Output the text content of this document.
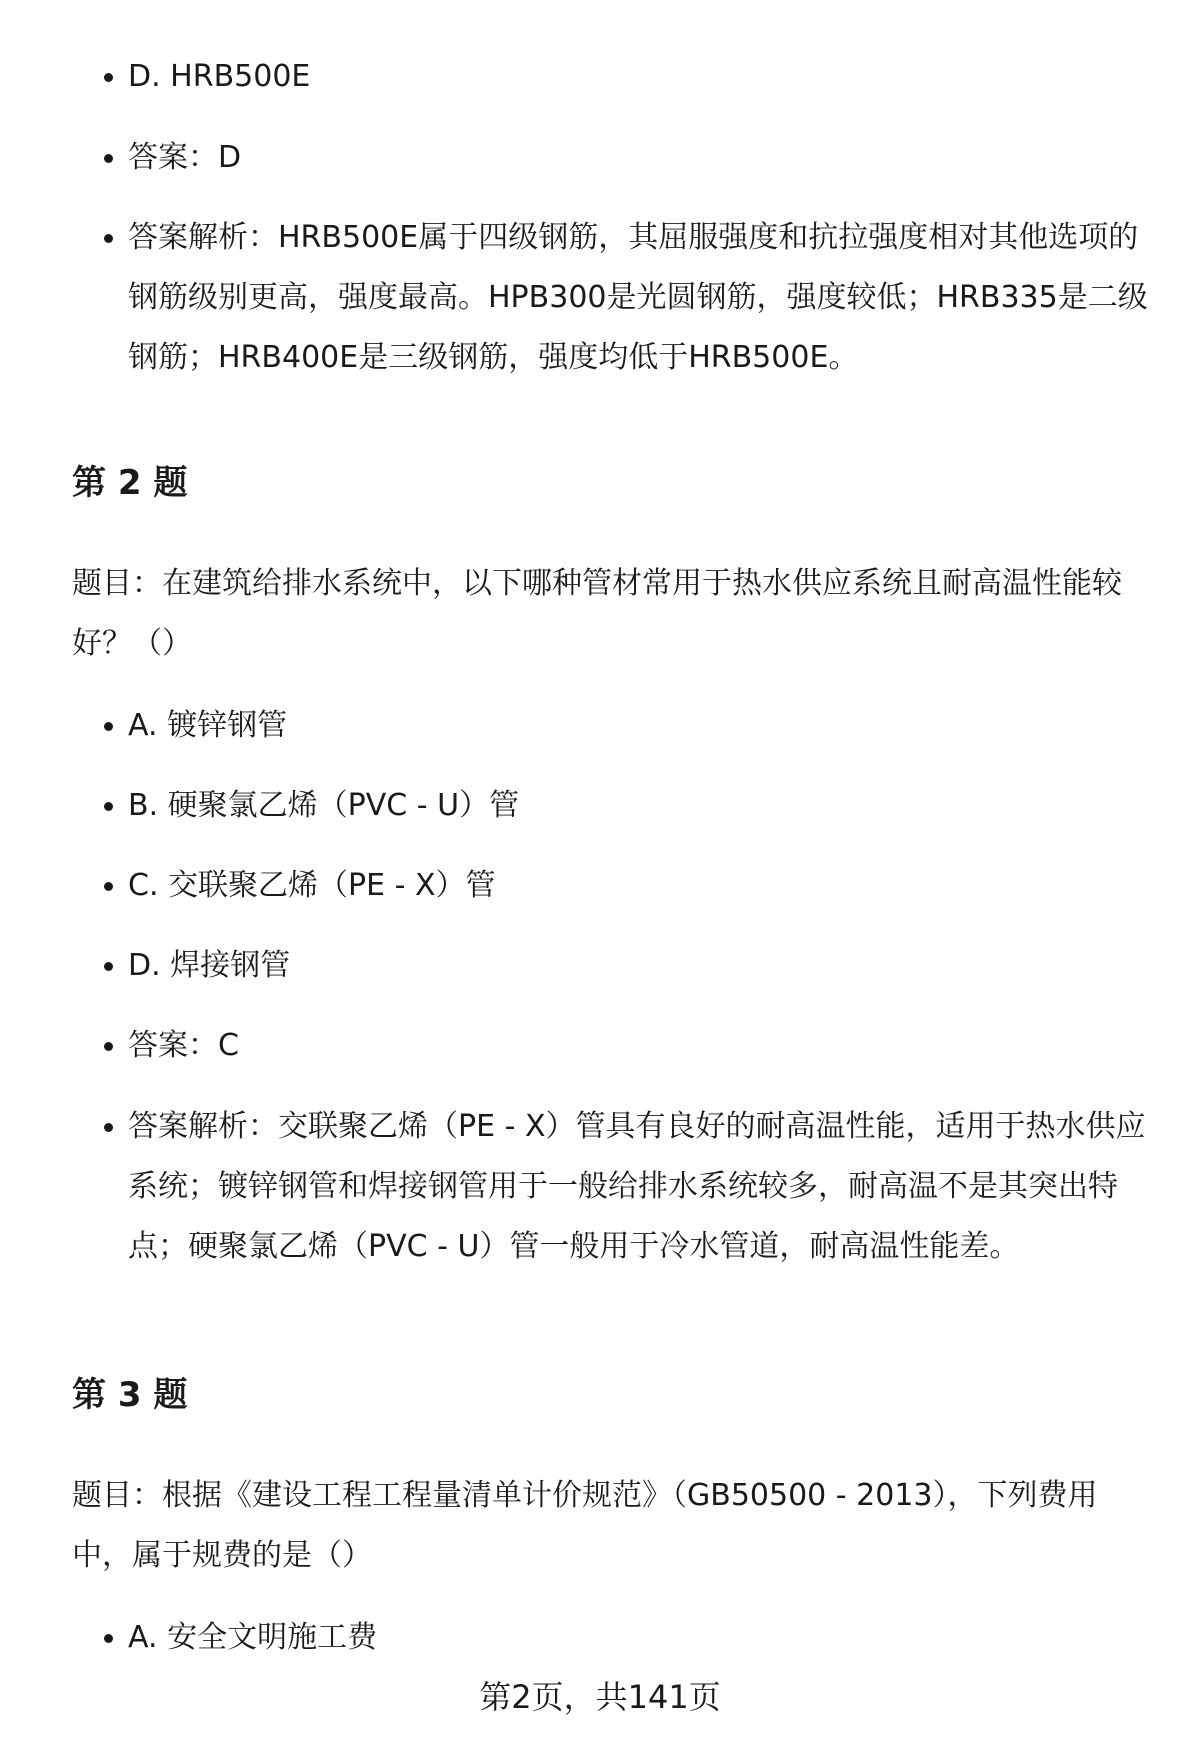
D. HRB500E
答案：D
答案解析：HRB500E属于四级钢筋，其屈服强度和抗拉强度相对其他选项的钢筋级别更高，强度最高。HPB300是光圆钢筋，强度较低；HRB335是二级钢筋；HRB400E是三级钢筋，强度均低于HRB500E。
第 2 题
题目：在建筑给排水系统中，以下哪种管材常用于热水供应系统且耐高温性能较好？（）
A. 镀锌钢管
B. 硬聚氯乙烯（PVC - U）管
C. 交联聚乙烯（PE - X）管
D. 焊接钢管
答案：C
答案解析：交联聚乙烯（PE - X）管具有良好的耐高温性能，适用于热水供应系统；镀锌钢管和焊接钢管用于一般给排水系统较多，耐高温不是其突出特点；硬聚氯乙烯（PVC - U）管一般用于冷水管道，耐高温性能差。
第 3 题
题目：根据《建设工程工程量清单计价规范》（GB50500 - 2013），下列费用中，属于规费的是（）
A. 安全文明施工费
第2页，共141页
